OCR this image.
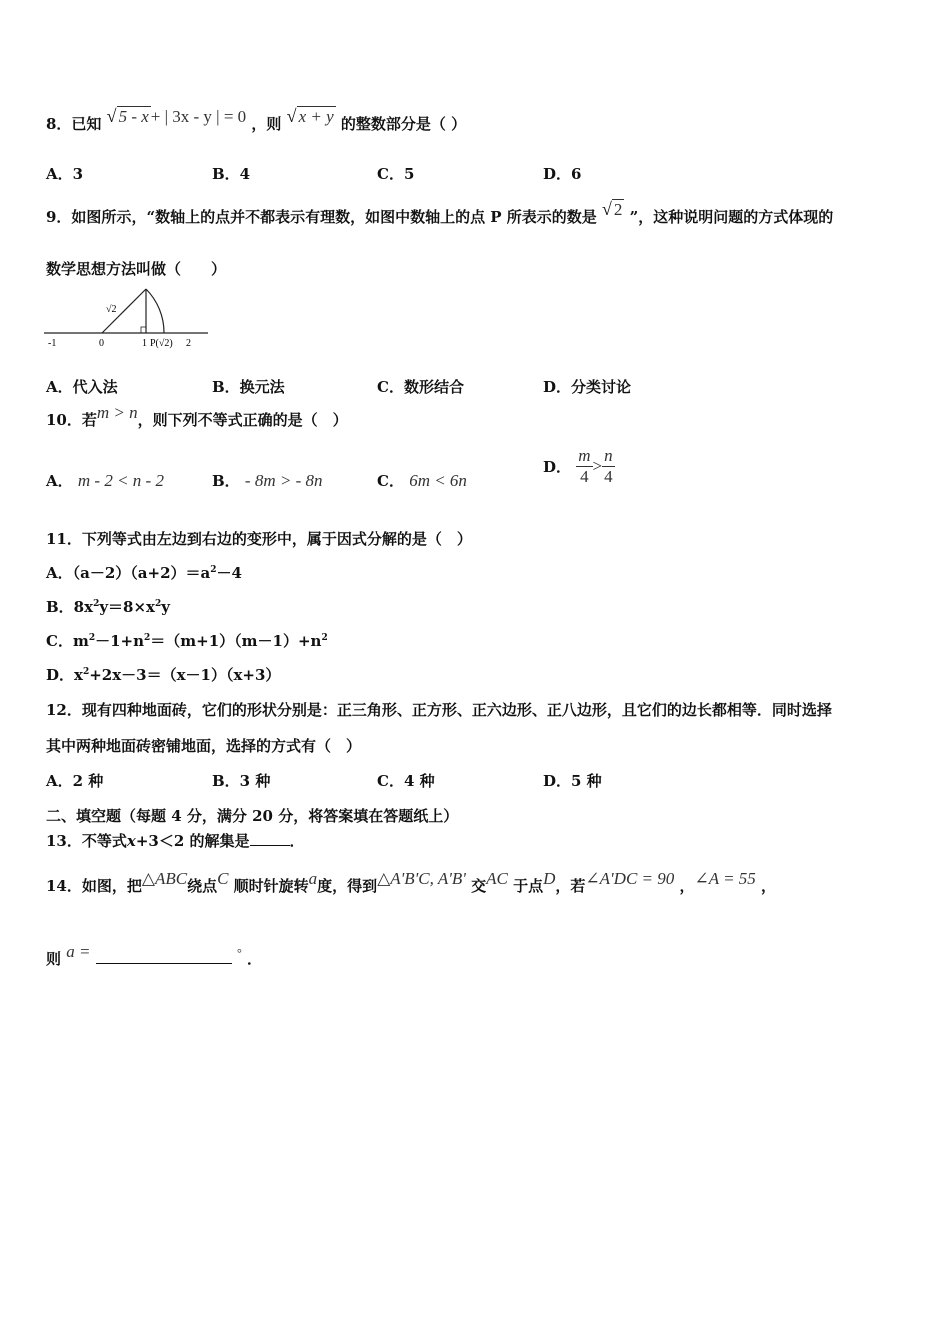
8．已知 √ 5 - x + | 3x - y | = 0 ，则 √ x + y 的整数部分是（ ）
A．3	B．4	C．5	D．6
9．如图所示，“数轴上的点并不都表示有理数，如图中数轴上的点 P 所表示的数是 √ 2 ”，这种说明问题的方式体现的
数学思想方法叫做（　　）
-1	0	1 P(√2) 2
√2
A．代入法	B．换元法	C．数形结合	D．分类讨论
10．若m > n，则下列不等式正确的是（　）
A． m - 2 < n - 2	B． - 8m > - 8n	C． 6m < 6n
D． $\frac{m}{4} > \frac{n}{4}$
11．下列等式由左边到右边的变形中，属于因式分解的是（　）
A．$(a-2)(a+2)=a^2-4$
B．$8x^2y=8\times x^2y$
C．$m^2-1+n^2=(m+1)(m-1)+n^2$
D．$x^2+2x-3=(x-1)(x+3)$
12．现有四种地面砖，它们的形状分别是：正三角形、正方形、正六边形、正八边形，且它们的边长都相等．同时选择
其中两种地面砖密铺地面，选择的方式有（　）
A．2 种	B．3 种	C．4 种	D．5 种
二、填空题（每题 4 分，满分 20 分，将答案填在答题纸上）
13．不等式x+3＜2 的解集是	．
14．如图，把△ABC绕点C 顺时针旋转a度，得到△A'B'C, A'B' 交AC 于点D，若∠A'DC = 90 ，∠A = 55 ，
则 a =	° ．
